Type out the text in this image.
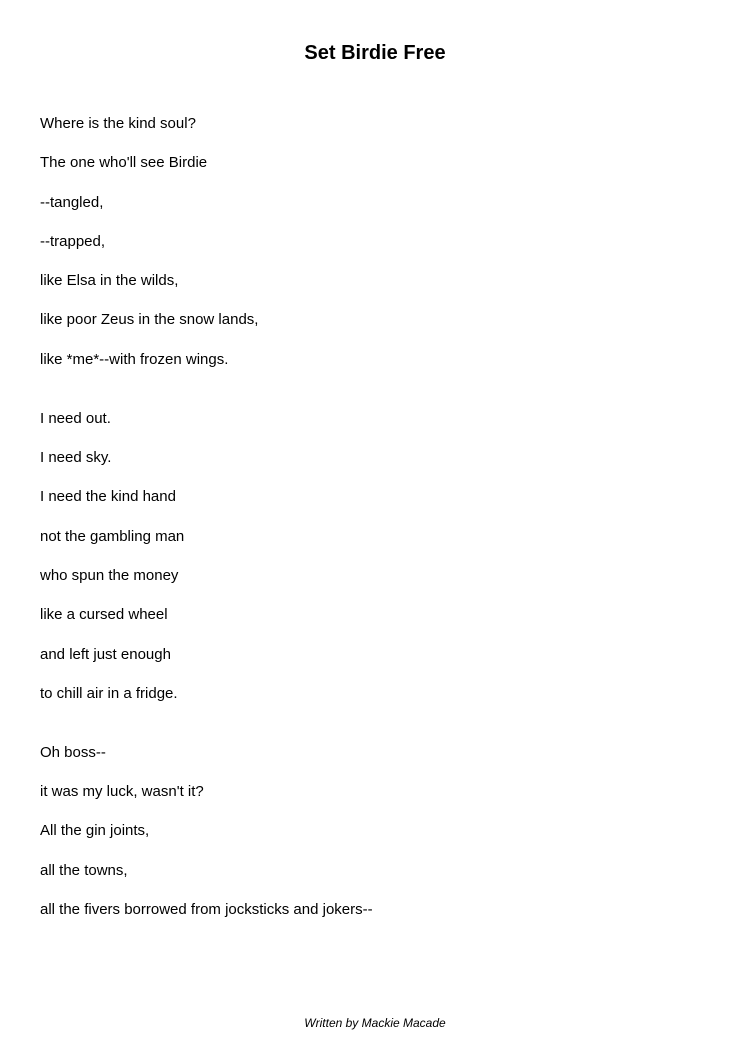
Set Birdie Free
Where is the kind soul?
The one who'll see Birdie
--tangled,
--trapped,
like Elsa in the wilds,
like poor Zeus in the snow lands,
like *me*--with frozen wings.
I need out.
I need sky.
I need the kind hand
not the gambling man
who spun the money
like a cursed wheel
and left just enough
to chill air in a fridge.
Oh boss--
it was my luck, wasn't it?
All the gin joints,
all the towns,
all the fivers borrowed from jocksticks and jokers--
Written by Mackie Macade
